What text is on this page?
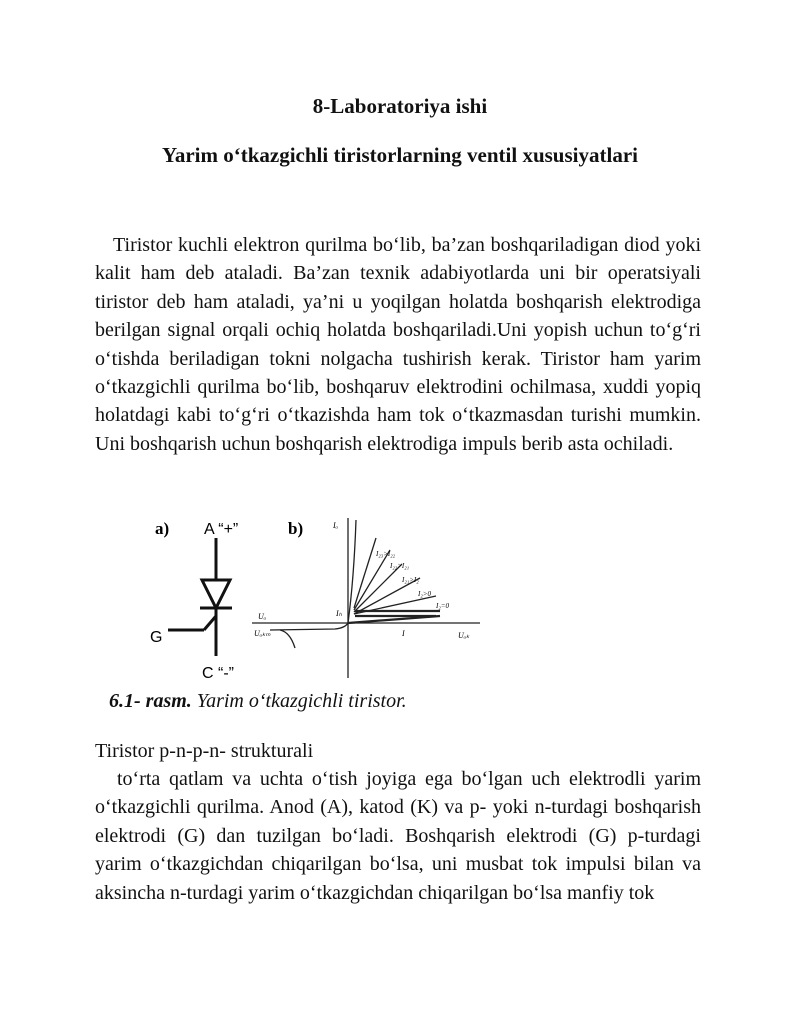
8-Laboratoriya ishi
Yarim o‘tkazgichli tiristorlarning ventil xususiyatlari

Tiristor kuchli elektron qurilma bo‘lib, ba’zan boshqariladigan diod yoki kalit ham deb ataladi. Ba’zan texnik adabiyotlarda uni bir operatsiyali tiristor deb ham ataladi, ya’ni u yoqilgan holatda boshqarish elektrodiga berilgan signal orqali ochiq holatda boshqariladi.Uni yopish uchun to‘g‘ri o‘tishda beriladigan tokni nolgacha tushirish kerak. Tiristor ham yarim o‘tkazgichli qurilma bo‘lib, boshqaruv elektrodini ochilmasa, xuddi yopiq holatdagi kabi to‘g‘ri o‘tkazishda ham tok o‘tkazmasdan turishi mumkin. Uni boshqarish uchun boshqarish elektrodiga impuls berib asta ochiladi.

a) A “+”
G
C “-”
b)	Iₐ
Uₐₖ
Uₐₖₘ
Uₐ	Iₕ
I
I₂₃>I₂₂
I₂₂>I₂₁
I₂₁>I₂
I₂>0
I₂=0

6.1- rasm. Yarim o‘tkazgichli tiristor.

Tiristor p-n-p-n- strukturali

to‘rta qatlam va uchta o‘tish joyiga ega bo‘lgan uch elektrodli yarim o‘tkazgichli qurilma. Anod (A), katod (K) va p- yoki n-turdagi boshqarish elektrodi (G) dan tuzilgan bo‘ladi. Boshqarish elektrodi (G) p-turdagi yarim o‘tkazgichdan chiqarilgan bo‘lsa, uni musbat tok impulsi bilan va aksincha n-turdagi yarim o‘tkazgichdan chiqarilgan bo‘lsa manfiy tok
